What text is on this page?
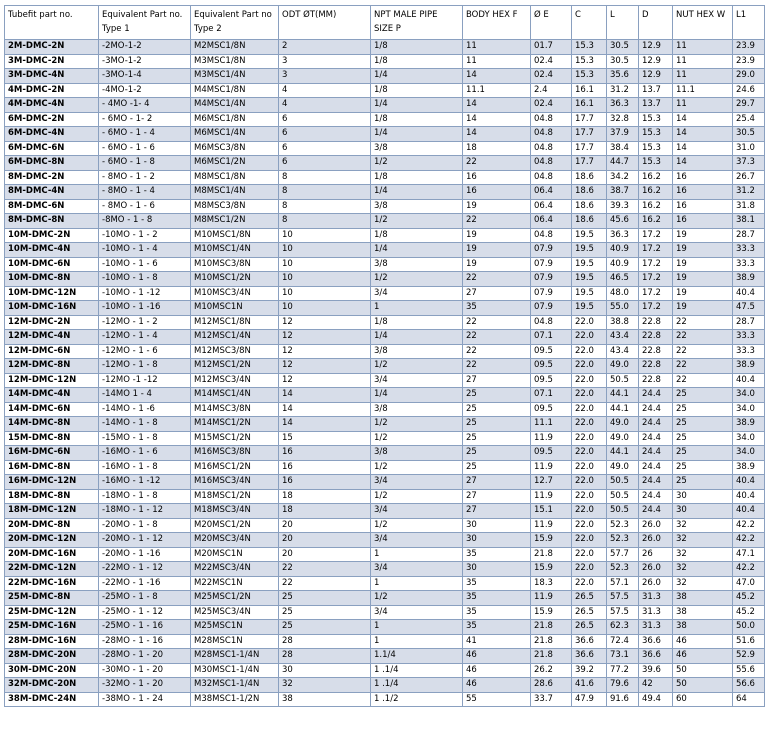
Tubefit part no.	Equivalent Part no. Type 1	Equivalent Part no Type 2	ODT ØT(MM)	NPT MALE PIPE SIZE P	BODY HEX F	Ø E	C	L	D	NUT HEX W	L1
2M-DMC-2N	-2MO-1-2	M2MSC1/8N	2	1/8	11	01.7	15.3	30.5	12.9	11	23.9
3M-DMC-2N	-3MO-1-2	M3MSC1/8N	3	1/8	11	02.4	15.3	30.5	12.9	11	23.9
3M-DMC-4N	-3MO-1-4	M3MSC1/4N	3	1/4	14	02.4	15.3	35.6	12.9	11	29.0
4M-DMC-2N	-4MO-1-2	M4MSC1/8N	4	1/8	11.1	2.4	16.1	31.2	13.7	11.1	24.6
4M-DMC-4N	- 4MO -1- 4	M4MSC1/4N	4	1/4	14	02.4	16.1	36.3	13.7	11	29.7
6M-DMC-2N	- 6MO - 1- 2	M6MSC1/8N	6	1/8	14	04.8	17.7	32.8	15.3	14	25.4
6M-DMC-4N	- 6MO - 1 - 4	M6MSC1/4N	6	1/4	14	04.8	17.7	37.9	15.3	14	30.5
6M-DMC-6N	- 6MO - 1 - 6	M6MSC3/8N	6	3/8	18	04.8	17.7	38.4	15.3	14	31.0
6M-DMC-8N	- 6MO - 1 - 8	M6MSC1/2N	6	1/2	22	04.8	17.7	44.7	15.3	14	37.3
8M-DMC-2N	- 8MO - 1 - 2	M8MSC1/8N	8	1/8	16	04.8	18.6	34.2	16.2	16	26.7
8M-DMC-4N	- 8MO - 1 - 4	M8MSC1/4N	8	1/4	16	06.4	18.6	38.7	16.2	16	31.2
8M-DMC-6N	- 8MO - 1 - 6	M8MSC3/8N	8	3/8	19	06.4	18.6	39.3	16.2	16	31.8
8M-DMC-8N	-8MO - 1 - 8	M8MSC1/2N	8	1/2	22	06.4	18.6	45.6	16.2	16	38.1
10M-DMC-2N	-10MO - 1 - 2	M10MSC1/8N	10	1/8	19	04.8	19.5	36.3	17.2	19	28.7
10M-DMC-4N	-10MO - 1 - 4	M10MSC1/4N	10	1/4	19	07.9	19.5	40.9	17.2	19	33.3
10M-DMC-6N	-10MO - 1 - 6	M10MSC3/8N	10	3/8	19	07.9	19.5	40.9	17.2	19	33.3
10M-DMC-8N	-10MO - 1 - 8	M10MSC1/2N	10	1/2	22	07.9	19.5	46.5	17.2	19	38.9
10M-DMC-12N	-10MO - 1 -12	M10MSC3/4N	10	3/4	27	07.9	19.5	48.0	17.2	19	40.4
10M-DMC-16N	-10MO - 1 -16	M10MSC1N	10	1	35	07.9	19.5	55.0	17.2	19	47.5
12M-DMC-2N	-12MO - 1 - 2	M12MSC1/8N	12	1/8	22	04.8	22.0	38.8	22.8	22	28.7
12M-DMC-4N	-12MO - 1 - 4	M12MSC1/4N	12	1/4	22	07.1	22.0	43.4	22.8	22	33.3
12M-DMC-6N	-12MO - 1 - 6	M12MSC3/8N	12	3/8	22	09.5	22.0	43.4	22.8	22	33.3
12M-DMC-8N	-12MO - 1 - 8	M12MSC1/2N	12	1/2	22	09.5	22.0	49.0	22.8	22	38.9
12M-DMC-12N	-12MO -1 -12	M12MSC3/4N	12	3/4	27	09.5	22.0	50.5	22.8	22	40.4
14M-DMC-4N	-14MO 1 - 4	M14MSC1/4N	14	1/4	25	07.1	22.0	44.1	24.4	25	34.0
14M-DMC-6N	-14MO - 1 -6	M14MSC3/8N	14	3/8	25	09.5	22.0	44.1	24.4	25	34.0
14M-DMC-8N	-14MO - 1 - 8	M14MSC1/2N	14	1/2	25	11.1	22.0	49.0	24.4	25	38.9
15M-DMC-8N	-15MO - 1 - 8	M15MSC1/2N	15	1/2	25	11.9	22.0	49.0	24.4	25	34.0
16M-DMC-6N	-16MO - 1 - 6	M16MSC3/8N	16	3/8	25	09.5	22.0	44.1	24.4	25	34.0
16M-DMC-8N	-16MO - 1 - 8	M16MSC1/2N	16	1/2	25	11.9	22.0	49.0	24.4	25	38.9
16M-DMC-12N	-16MO - 1 -12	M16MSC3/4N	16	3/4	27	12.7	22.0	50.5	24.4	25	40.4
18M-DMC-8N	-18MO - 1 - 8	M18MSC1/2N	18	1/2	27	11.9	22.0	50.5	24.4	30	40.4
18M-DMC-12N	-18MO - 1 - 12	M18MSC3/4N	18	3/4	27	15.1	22.0	50.5	24.4	30	40.4
20M-DMC-8N	-20MO - 1 - 8	M20MSC1/2N	20	1/2	30	11.9	22.0	52.3	26.0	32	42.2
20M-DMC-12N	-20MO - 1 - 12	M20MSC3/4N	20	3/4	30	15.9	22.0	52.3	26.0	32	42.2
20M-DMC-16N	-20MO - 1 -16	M20MSC1N	20	1	35	21.8	22.0	57.7	26	32	47.1
22M-DMC-12N	-22MO - 1 - 12	M22MSC3/4N	22	3/4	30	15.9	22.0	52.3	26.0	32	42.2
22M-DMC-16N	-22MO - 1 -16	M22MSC1N	22	1	35	18.3	22.0	57.1	26.0	32	47.0
25M-DMC-8N	-25MO - 1 - 8	M25MSC1/2N	25	1/2	35	11.9	26.5	57.5	31.3	38	45.2
25M-DMC-12N	-25MO - 1 - 12	M25MSC3/4N	25	3/4	35	15.9	26.5	57.5	31.3	38	45.2
25M-DMC-16N	-25MO - 1 - 16	M25MSC1N	25	1	35	21.8	26.5	62.3	31.3	38	50.0
28M-DMC-16N	-28MO - 1 - 16	M28MSC1N	28	1	41	21.8	36.6	72.4	36.6	46	51.6
28M-DMC-20N	-28MO - 1 - 20	M28MSC1-1/4N	28	1.1/4	46	21.8	36.6	73.1	36.6	46	52.9
30M-DMC-20N	-30MO - 1 - 20	M30MSC1-1/4N	30	1 .1/4	46	26.2	39.2	77.2	39.6	50	55.6
32M-DMC-20N	-32MO - 1 - 20	M32MSC1-1/4N	32	1 .1/4	46	28.6	41.6	79.6	42	50	56.6
38M-DMC-24N	-38MO - 1 - 24	M38MSC1-1/2N	38	1 .1/2	55	33.7	47.9	91.6	49.4	60	64
